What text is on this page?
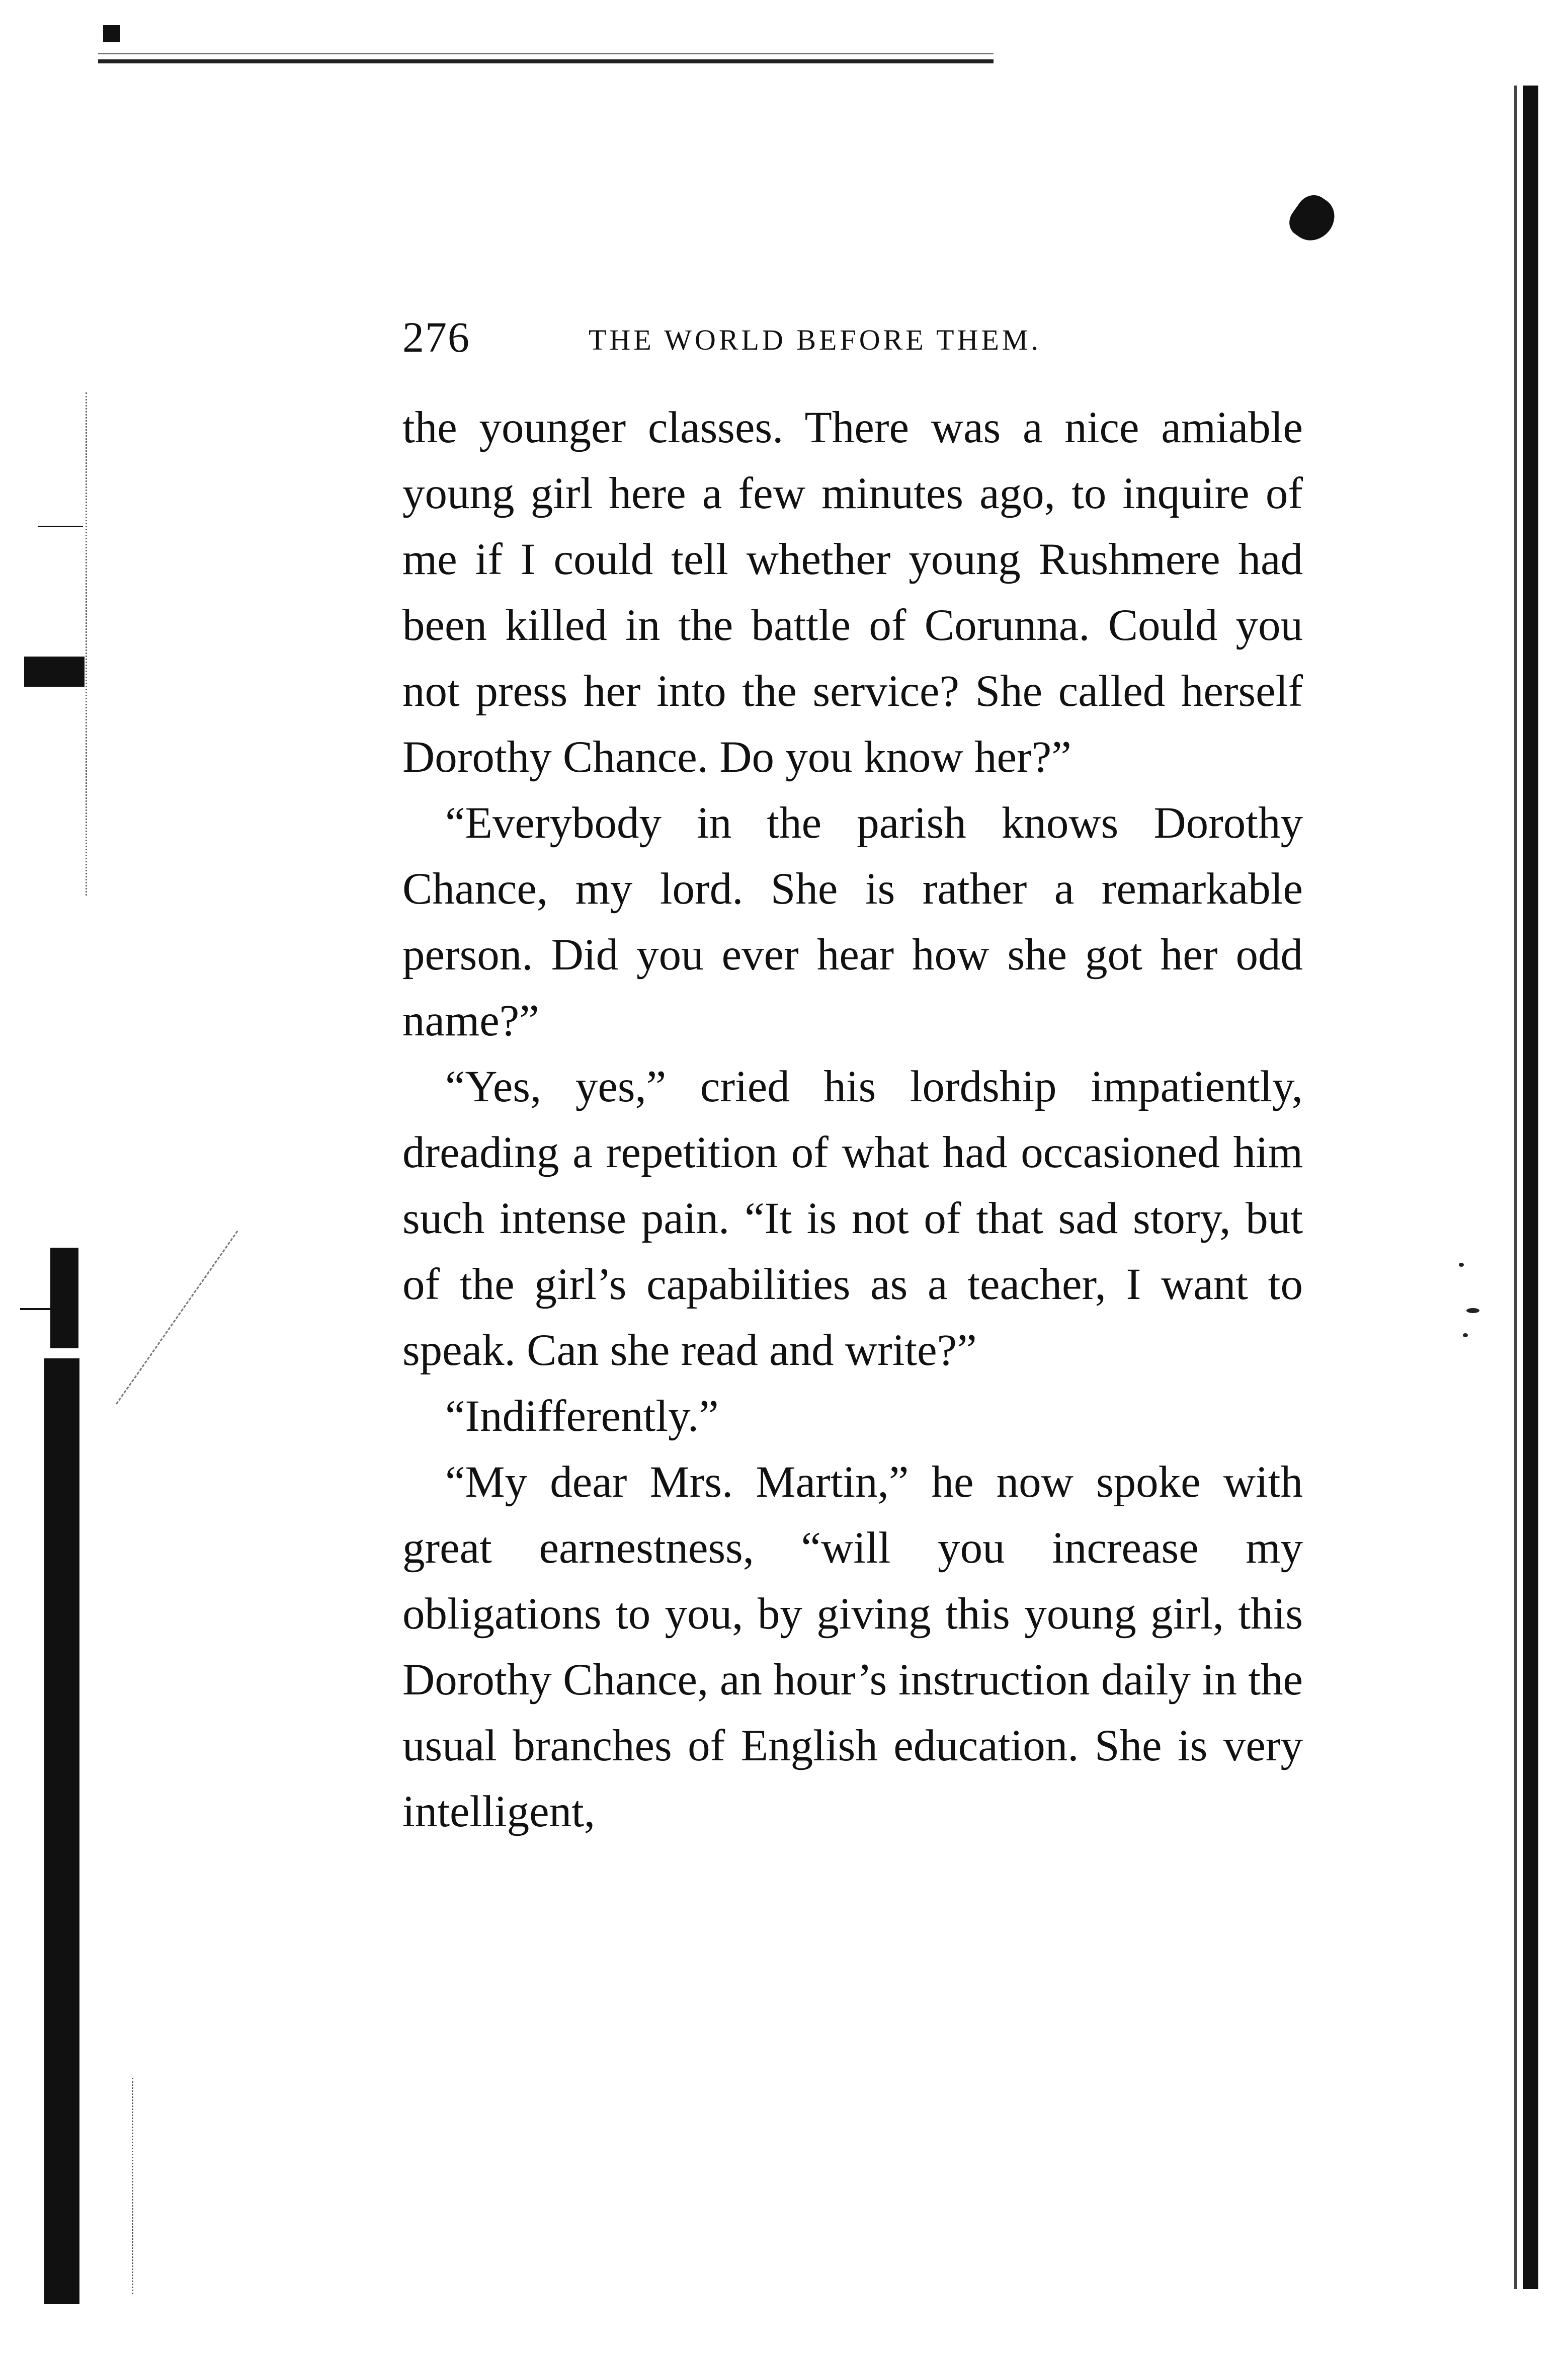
276	THE WORLD BEFORE THEM.

the younger classes. There was a nice amiable young girl here a few minutes ago, to inquire of me if I could tell whether young Rushmere had been killed in the battle of Corunna. Could you not press her into the service? She called herself Dorothy Chance. Do you know her?”

“Everybody in the parish knows Dorothy Chance, my lord. She is rather a remarkable person. Did you ever hear how she got her odd name?”

“Yes, yes,” cried his lordship impatiently, dreading a repetition of what had occasioned him such intense pain. “It is not of that sad story, but of the girl’s capabilities as a teacher, I want to speak. Can she read and write?”

“Indifferently.”

“My dear Mrs. Martin,” he now spoke with great earnestness, “will you increase my obligations to you, by giving this young girl, this Dorothy Chance, an hour’s instruction daily in the usual branches of English education. She is very intelligent,
